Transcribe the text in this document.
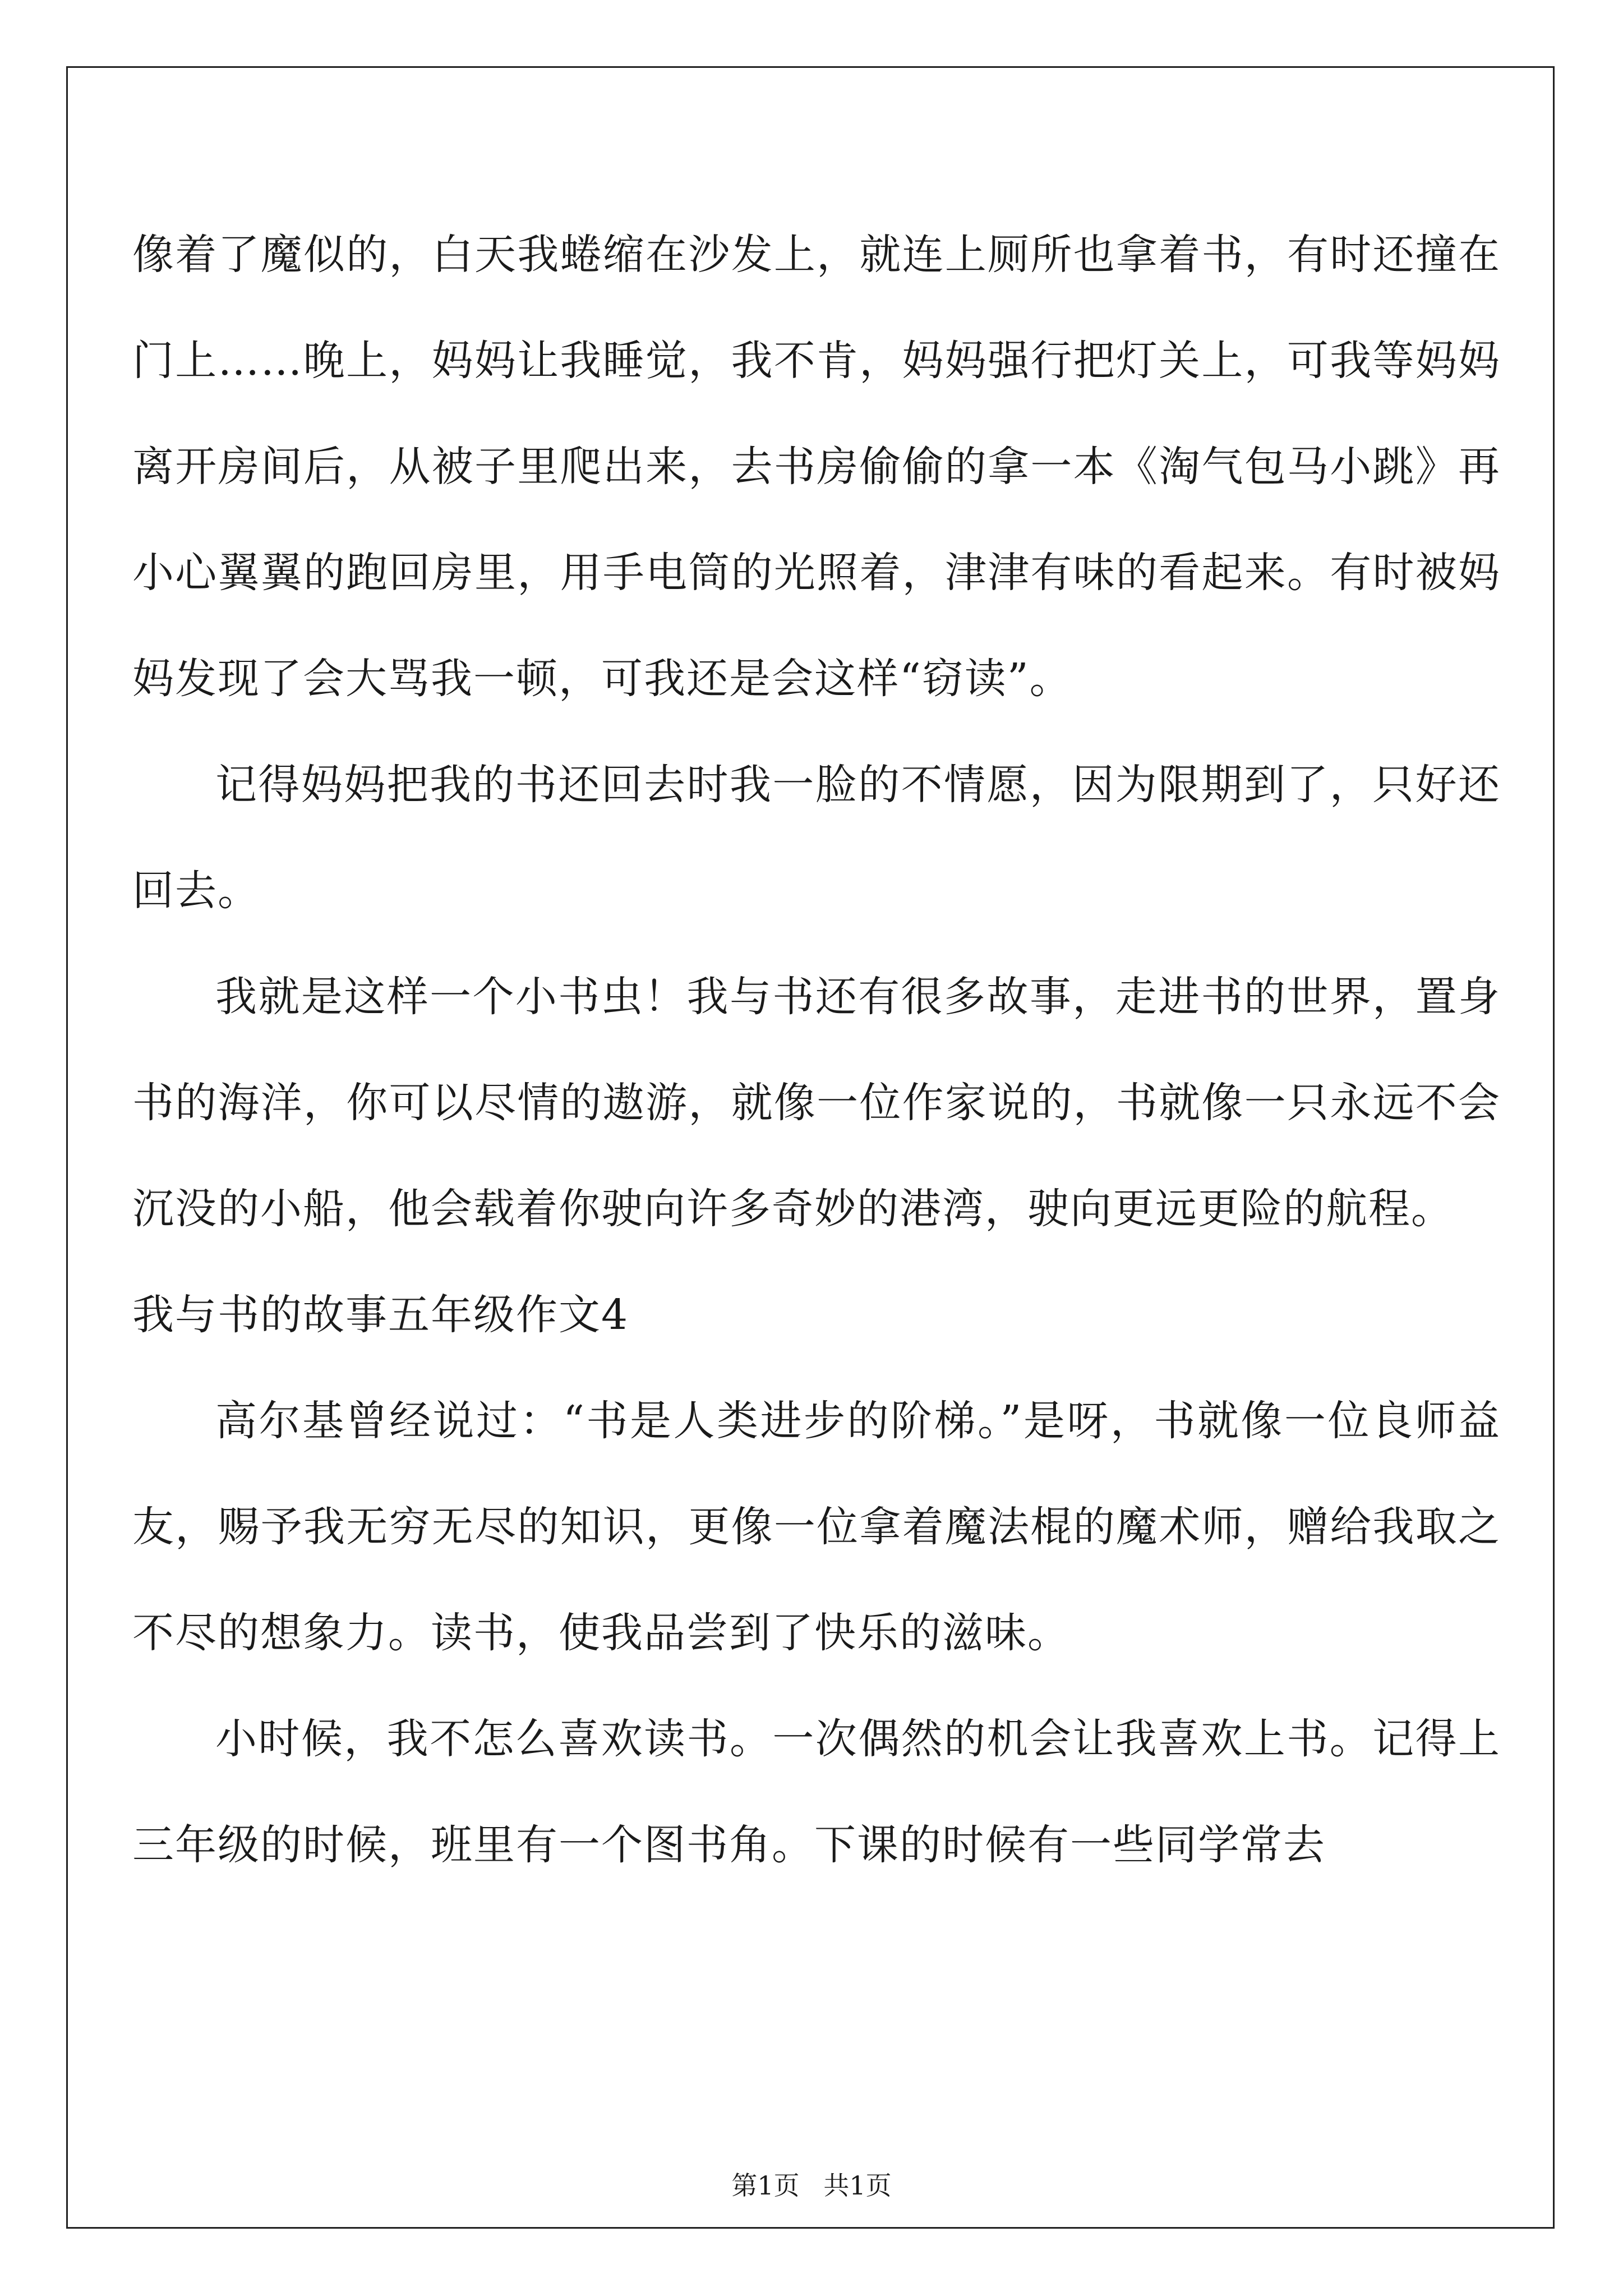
像着了魔似的，白天我蜷缩在沙发上，就连上厕所也拿着书，有时还撞在门上……晚上，妈妈让我睡觉，我不肯，妈妈强行把灯关上，可我等妈妈离开房间后，从被子里爬出来，去书房偷偷的拿一本《淘气包马小跳》再小心翼翼的跑回房里，用手电筒的光照着，津津有味的看起来。有时被妈妈发现了会大骂我一顿，可我还是会这样“窃读”。

记得妈妈把我的书还回去时我一脸的不情愿，因为限期到了，只好还回去。

我就是这样一个小书虫！我与书还有很多故事，走进书的世界，置身书的海洋，你可以尽情的遨游，就像一位作家说的，书就像一只永远不会沉没的小船，他会载着你驶向许多奇妙的港湾，驶向更远更险的航程。

我与书的故事五年级作文4

高尔基曾经说过：“书是人类进步的阶梯。”是呀，书就像一位良师益友，赐予我无穷无尽的知识，更像一位拿着魔法棍的魔术师，赠给我取之不尽的想象力。读书，使我品尝到了快乐的滋味。

小时候，我不怎么喜欢读书。一次偶然的机会让我喜欢上书。记得上三年级的时候，班里有一个图书角。下课的时候有一些同学常去

第1页 共1页
